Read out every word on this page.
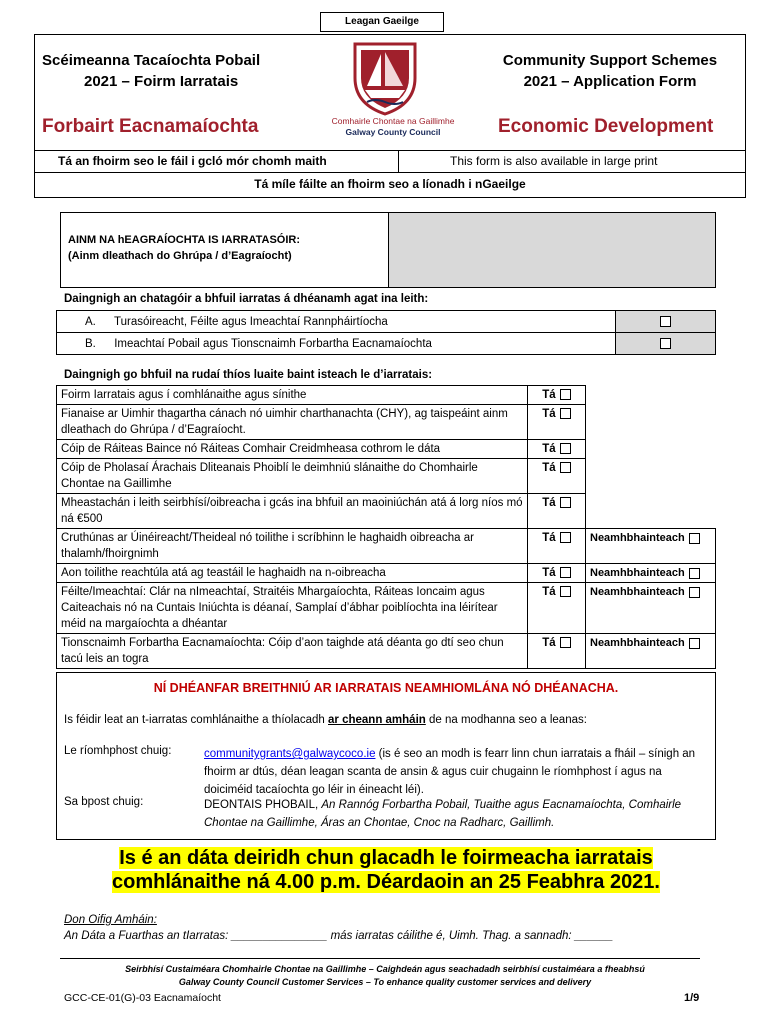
Leagan Gaeilge
Scéimeanna Tacaíochta Pobail
2021 – Foirm Iarratais
Community Support Schemes
2021 – Application Form
Comhairle Chontae na Gaillimhe
Galway County Council
Forbairt Eacnamaíochta	Economic Development
Tá an fhoirm seo le fáil i gcló mór chomh maith	This form is also available in large print
Tá míle fáilte an fhoirm seo a líonadh i nGaeilge
AINM NA hEAGRAÍOCHTA IS IARRATASÓIR:
(Ainm dleathach do Ghrúpa / d’Eagraíocht)
Daingnigh an chatagóir a bhfuil iarratas á dhéanamh agat ina leith:
A. Turasóireacht, Féilte agus Imeachtaí Rannpháirtíocha	
B. Imeachtaí Pobail agus Tionscnaimh Forbartha Eacnamaíochta	
Daingnigh go bhfuil na rudaí thíos luaite baint isteach le d’iarratais:
Foirm Iarratais agus í comhlánaithe agus sínithe	Tá	
Fianaise ar Uimhir thagartha cánach nó uimhir charthanachta (CHY), ag taispeáint ainm dleathach do Ghrúpa / d’Eagraíocht.	Tá	
Cóip de Ráiteas Baince nó Ráiteas Comhair Creidmheasa cothrom le dáta	Tá	
Cóip de Pholasaí Árachais Dliteanais Phoiblí le deimhniú slánaithe do Chomhairle Chontae na Gaillimhe	Tá	
Mheastachán i leith seirbhísí/oibreacha i gcás ina bhfuil an maoiniúchán atá á lorg níos mó ná €500	Tá	
Cruthúnas ar Úinéireacht/Theideal nó toilithe i scríbhinn le haghaidh oibreacha ar thalamh/fhoirgnimh	Tá	Neamhbhainteach
Aon toilithe reachtúla atá ag teastáil le haghaidh na n-oibreacha	Tá	Neamhbhainteach
Féilte/Imeachtaí: Clár na nImeachtaí, Straitéis Mhargaíochta, Ráiteas Ioncaim agus Caiteachais nó na Cuntais Iniúchta is déanaí, Samplaí d’ábhar poiblíochta ina léirítear méid na margaíochta a dhéantar	Tá	Neamhbhainteach
Tionscnaimh Forbartha Eacnamaíochta: Cóip d’aon taighde atá déanta go dtí seo chun tacú leis an togra	Tá	Neamhbhainteach
NÍ DHÉANFAR BREITHNIÚ AR IARRATAIS NEAMHIOMLÁNA NÓ DHÉANACHA.
Is féidir leat an t-iarratas comhlánaithe a thíolacadh ar cheann amháin de na modhanna seo a leanas:
Le ríomhphost chuig:	communitygrants@galwaycoco.ie (is é seo an modh is fearr linn chun iarratais a fháil – sínigh an fhoirm ar dtús, déan leagan scanta de ansin & agus cuir chugainn le ríomhphost í agus na doiciméid tacaíochta go léir in éineacht léi).
Sa bpost chuig:	DEONTAIS PHOBAIL, An Rannóg Forbartha Pobail, Tuaithe agus Eacnamaíochta, Comhairle Chontae na Gaillimhe, Áras an Chontae, Cnoc na Radharc, Gaillimh.
Is é an dáta deiridh chun glacadh le foirmeacha iarratais
comhlánaithe ná 4.00 p.m. Déardaoin an 25 Feabhra 2021.
Don Oifig Amháin:
An Dáta a Fuarthas an tIarratas: _______________ más iarratas cáilithe é, Uimh. Thag. a sannadh: ______
Seirbhísí Custaiméara Chomhairle Chontae na Gaillimhe – Caighdeán agus seachadadh seirbhísí custaiméara a fheabhsú
Galway County Council Customer Services – To enhance quality customer services and delivery
GCC-CE-01(G)-03 Eacnamaíocht	1/9
